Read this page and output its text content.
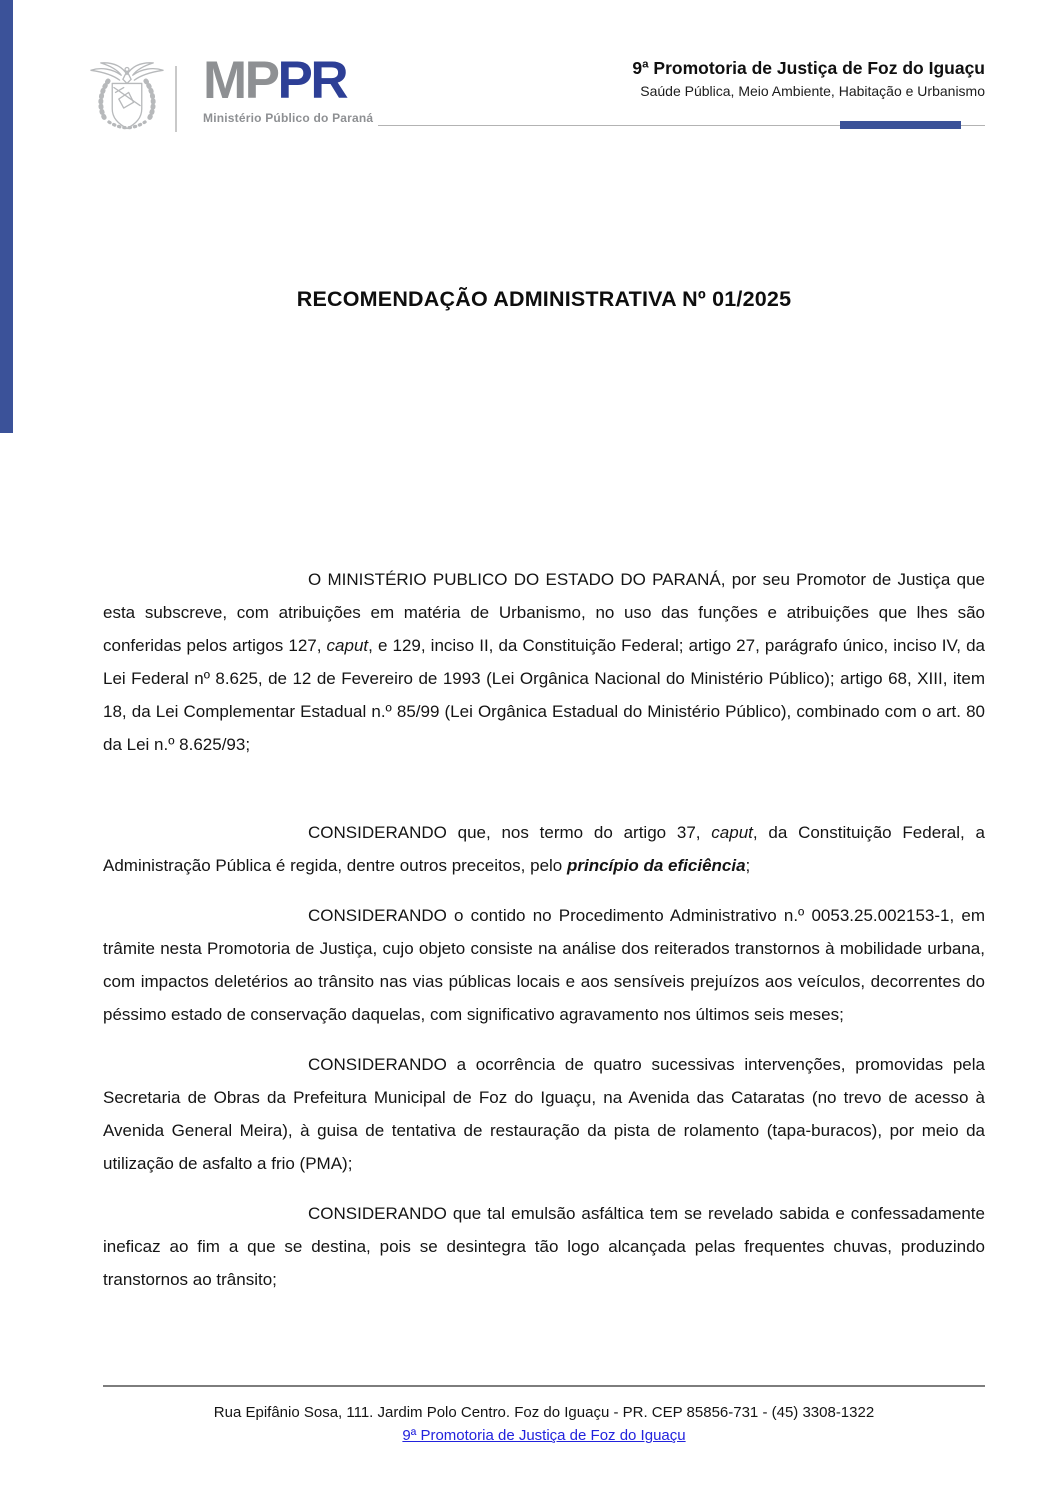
MPPR
Ministério Público do Paraná
9ª Promotoria de Justiça de Foz do Iguaçu
Saúde Pública, Meio Ambiente, Habitação e Urbanismo
RECOMENDAÇÃO ADMINISTRATIVA Nº 01/2025

O MINISTÉRIO PUBLICO DO ESTADO DO PARANÁ, por seu Promotor de Justiça que esta subscreve, com atribuições em matéria de Urbanismo, no uso das funções e atribuições que lhes são conferidas pelos artigos 127, caput, e 129, inciso II, da Constituição Federal; artigo 27, parágrafo único, inciso IV, da Lei Federal nº 8.625, de 12 de Fevereiro de 1993 (Lei Orgânica Nacional do Ministério Público); artigo 68, XIII, item 18, da Lei Complementar Estadual n.º 85/99 (Lei Orgânica Estadual do Ministério Público), combinado com o art. 80 da Lei n.º 8.625/93;

CONSIDERANDO que, nos termo do artigo 37, caput, da Constituição Federal, a Administração Pública é regida, dentre outros preceitos, pelo princípio da eficiência;

CONSIDERANDO o contido no Procedimento Administrativo n.º 0053.25.002153-1, em trâmite nesta Promotoria de Justiça, cujo objeto consiste na análise dos reiterados transtornos à mobilidade urbana, com impactos deletérios ao trânsito nas vias públicas locais e aos sensíveis prejuízos aos veículos, decorrentes do péssimo estado de conservação daquelas, com significativo agravamento nos últimos seis meses;

CONSIDERANDO a ocorrência de quatro sucessivas intervenções, promovidas pela Secretaria de Obras da Prefeitura Municipal de Foz do Iguaçu, na Avenida das Cataratas (no trevo de acesso à Avenida General Meira), à guisa de tentativa de restauração da pista de rolamento (tapa-buracos), por meio da utilização de asfalto a frio (PMA);

CONSIDERANDO que tal emulsão asfáltica tem se revelado sabida e confessadamente ineficaz ao fim a que se destina, pois se desintegra tão logo alcançada pelas frequentes chuvas, produzindo transtornos ao trânsito;

Rua Epifânio Sosa, 111. Jardim Polo Centro. Foz do Iguaçu - PR. CEP 85856-731 - (45) 3308-1322
9ª Promotoria de Justiça de Foz do Iguaçu
